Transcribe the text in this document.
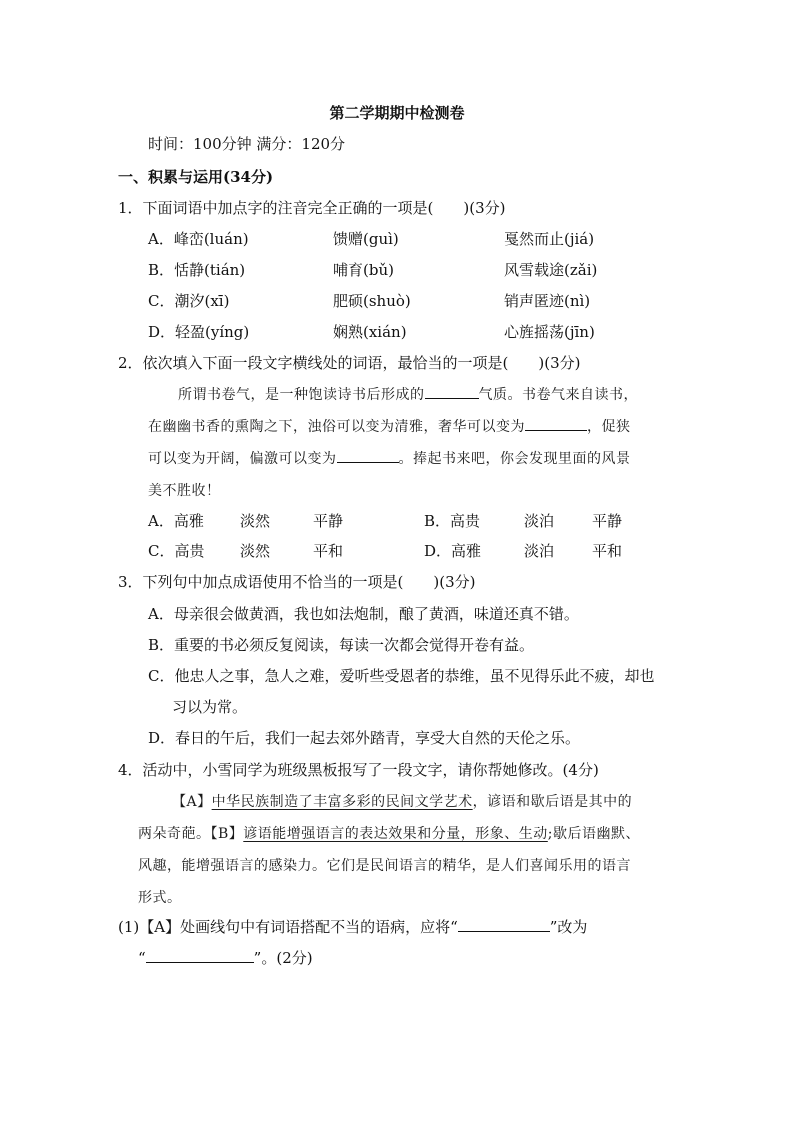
第二学期期中检测卷
时间：100分钟 满分：120分
一、积累与运用(34分)
1．下面词语中加点字的注音完全正确的一项是(　　)(3分)
A．峰峦(luán)	馈赠(guì)	戛然而止(jiá)
B．恬静(tián)	哺育(bǔ)	风雪载途(zǎi)
C．潮汐(xī)	肥硕(shuò)	销声匿迹(nì)
D．轻盈(yíng)	娴熟(xián)	心旌摇荡(jīn)
2．依次填入下面一段文字横线处的词语，最恰当的一项是(　　)(3分)
所谓书卷气，是一种饱读诗书后形成的	气质。书卷气来自读书，
在幽幽书香的熏陶之下，浊俗可以变为清雅，奢华可以变为	，促狭
可以变为开阔，偏激可以变为	。捧起书来吧，你会发现里面的风景
美不胜收！
A．高雅 淡然	平静	B．高贵	淡泊	平静
C．高贵 淡然	平和	D．高雅	淡泊	平和
3．下列句中加点成语使用不恰当的一项是(　　)(3分)
A．母亲很会做黄酒，我也如法炮制，酿了黄酒，味道还真不错。
B．重要的书必须反复阅读，每读一次都会觉得开卷有益。
C．他忠人之事，急人之难，爱听些受恩者的恭维，虽不见得乐此不疲，却也
习以为常。
D．春日的午后，我们一起去郊外踏青，享受大自然的天伦之乐。
4．活动中，小雪同学为班级黑板报写了一段文字，请你帮她修改。(4分)
【A】中华民族制造了丰富多彩的民间文学艺术，谚语和歇后语是其中的
两朵奇葩。【B】谚语能增强语言的表达效果和分量，形象、生动;歇后语幽默、
风趣，能增强语言的感染力。它们是民间语言的精华，是人们喜闻乐用的语言
形式。
(1)【A】处画线句中有词语搭配不当的语病，应将“	”改为
“	”。(2分)
